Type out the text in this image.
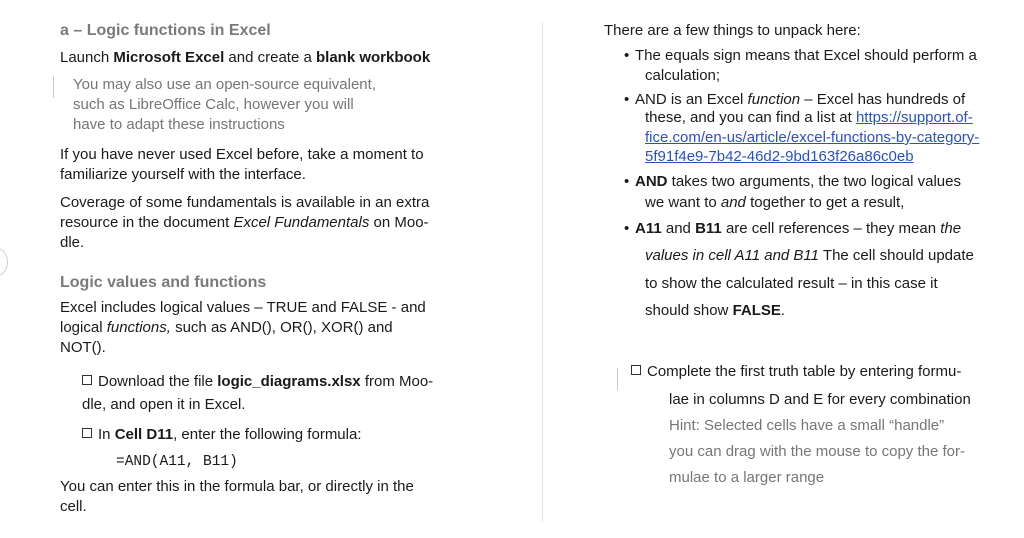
a – Logic functions in Excel
Launch Microsoft Excel and create a blank workbook
You may also use an open-source equivalent,
such as LibreOffice Calc, however you will
have to adapt these instructions
If you have never used Excel before, take a moment to
familiarize yourself with the interface.
Coverage of some fundamentals is available in an extra
resource in the document Excel Fundamentals on Moo-
dle.
Logic values and functions
Excel includes logical values – TRUE and FALSE - and
logical functions, such as AND(), OR(), XOR() and
NOT().
Download the file logic_diagrams.xlsx from Moo-
dle, and open it in Excel.
In Cell D11, enter the following formula:
=AND(A11, B11)
You can enter this in the formula bar, or directly in the
cell.
There are a few things to unpack here:
• The equals sign means that Excel should perform a
calculation;
• AND is an Excel function – Excel has hundreds of
these, and you can find a list at https://support.of-
fice.com/en-us/article/excel-functions-by-category-
5f91f4e9-7b42-46d2-9bd163f26a86c0eb
• AND takes two arguments, the two logical values
we want to and together to get a result,
• A11 and B11 are cell references – they mean the
values in cell A11 and B11 The cell should update
to show the calculated result – in this case it
should show FALSE.
Complete the first truth table by entering formu-
lae in columns D and E for every combination
Hint: Selected cells have a small “handle”
you can drag with the mouse to copy the for-
mulae to a larger range
